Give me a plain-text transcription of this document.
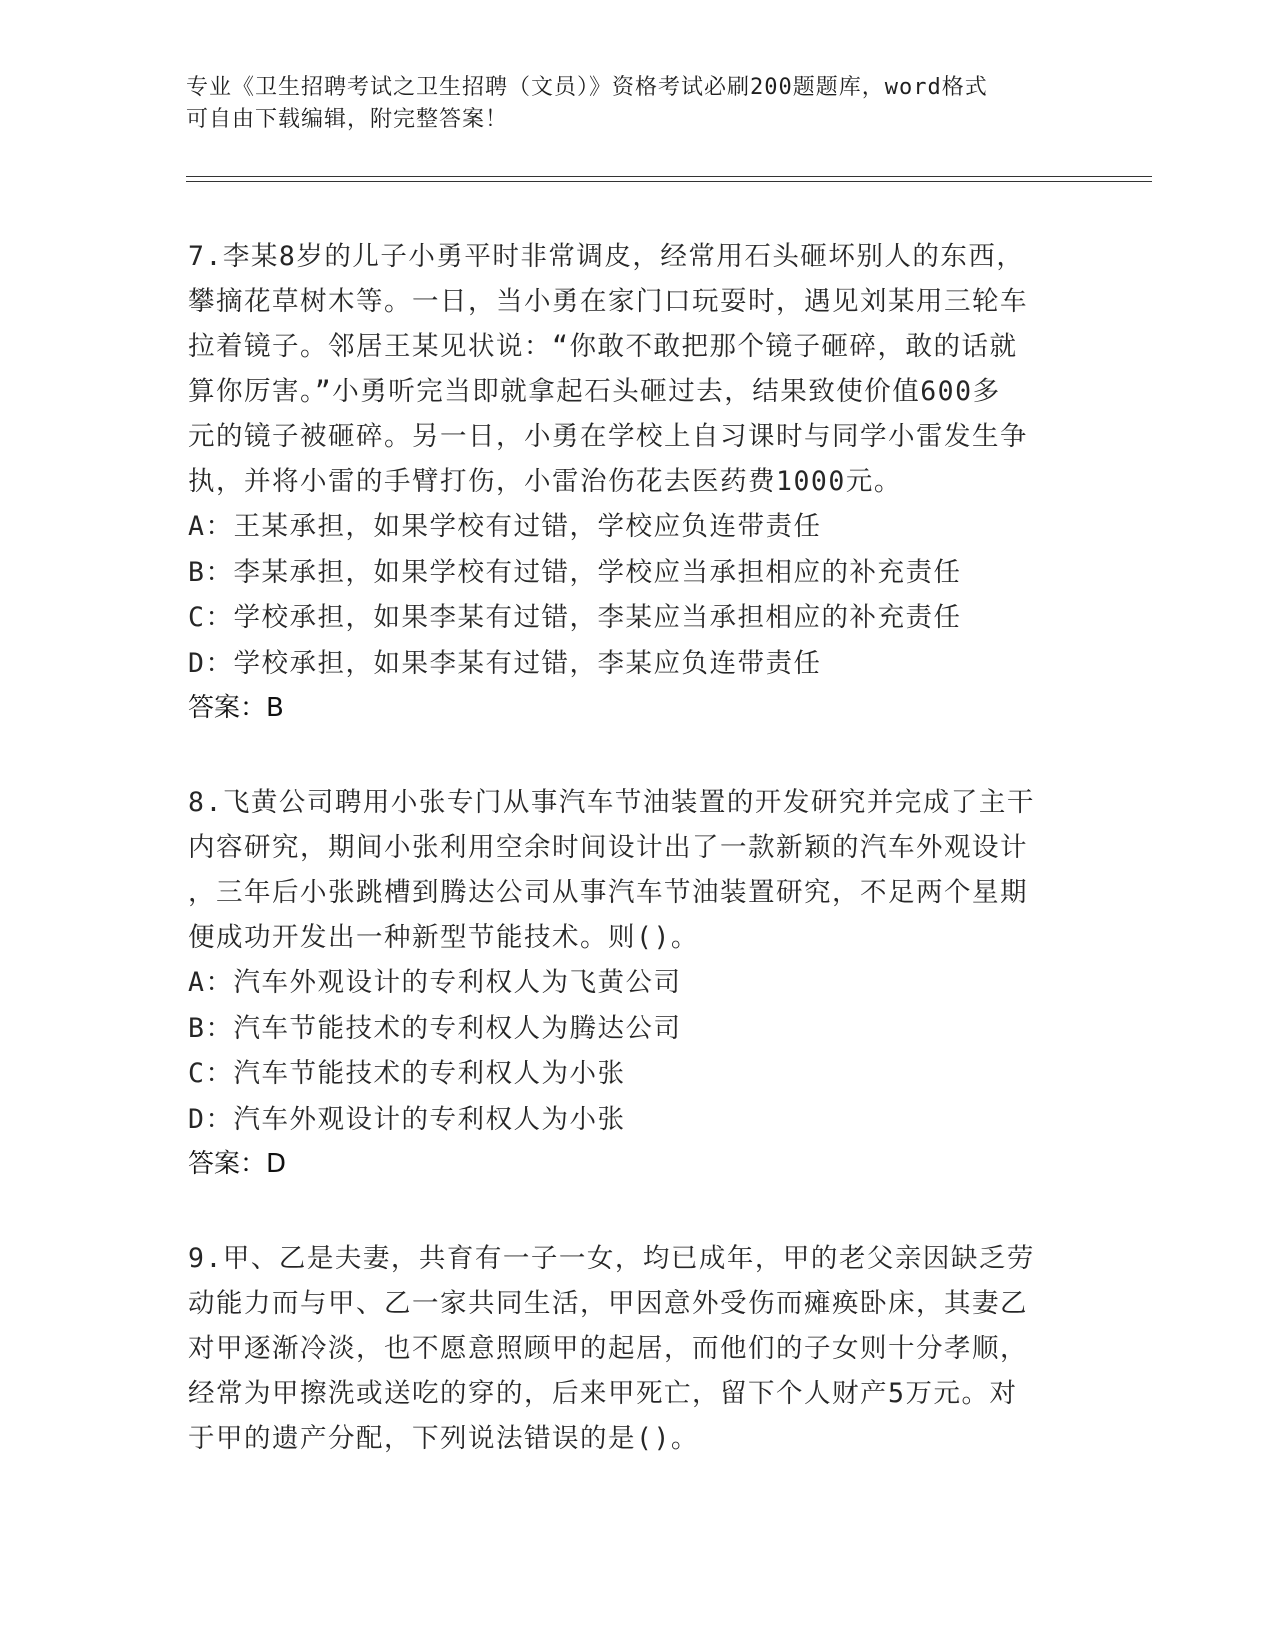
专业《卫生招聘考试之卫生招聘（文员）》资格考试必刷200题题库，word格式
可自由下载编辑，附完整答案！
7.李某8岁的儿子小勇平时非常调皮，经常用石头砸坏别人的东西，
攀摘花草树木等。一日，当小勇在家门口玩耍时，遇见刘某用三轮车
拉着镜子。邻居王某见状说：“你敢不敢把那个镜子砸碎，敢的话就
算你厉害。”小勇听完当即就拿起石头砸过去，结果致使价值600多
元的镜子被砸碎。另一日，小勇在学校上自习课时与同学小雷发生争
执，并将小雷的手臂打伤，小雷治伤花去医药费1000元。
A：王某承担，如果学校有过错，学校应负连带责任
B：李某承担，如果学校有过错，学校应当承担相应的补充责任
C：学校承担，如果李某有过错，李某应当承担相应的补充责任
D：学校承担，如果李某有过错，李某应负连带责任
答案：B
8.飞黄公司聘用小张专门从事汽车节油装置的开发研究并完成了主干
内容研究，期间小张利用空余时间设计出了一款新颖的汽车外观设计
，三年后小张跳槽到腾达公司从事汽车节油装置研究，不足两个星期
便成功开发出一种新型节能技术。则()。
A：汽车外观设计的专利权人为飞黄公司
B：汽车节能技术的专利权人为腾达公司
C：汽车节能技术的专利权人为小张
D：汽车外观设计的专利权人为小张
答案：D
9.甲、乙是夫妻，共育有一子一女，均已成年，甲的老父亲因缺乏劳
动能力而与甲、乙一家共同生活，甲因意外受伤而瘫痪卧床，其妻乙
对甲逐渐冷淡，也不愿意照顾甲的起居，而他们的子女则十分孝顺，
经常为甲擦洗或送吃的穿的，后来甲死亡，留下个人财产5万元。对
于甲的遗产分配，下列说法错误的是()。
